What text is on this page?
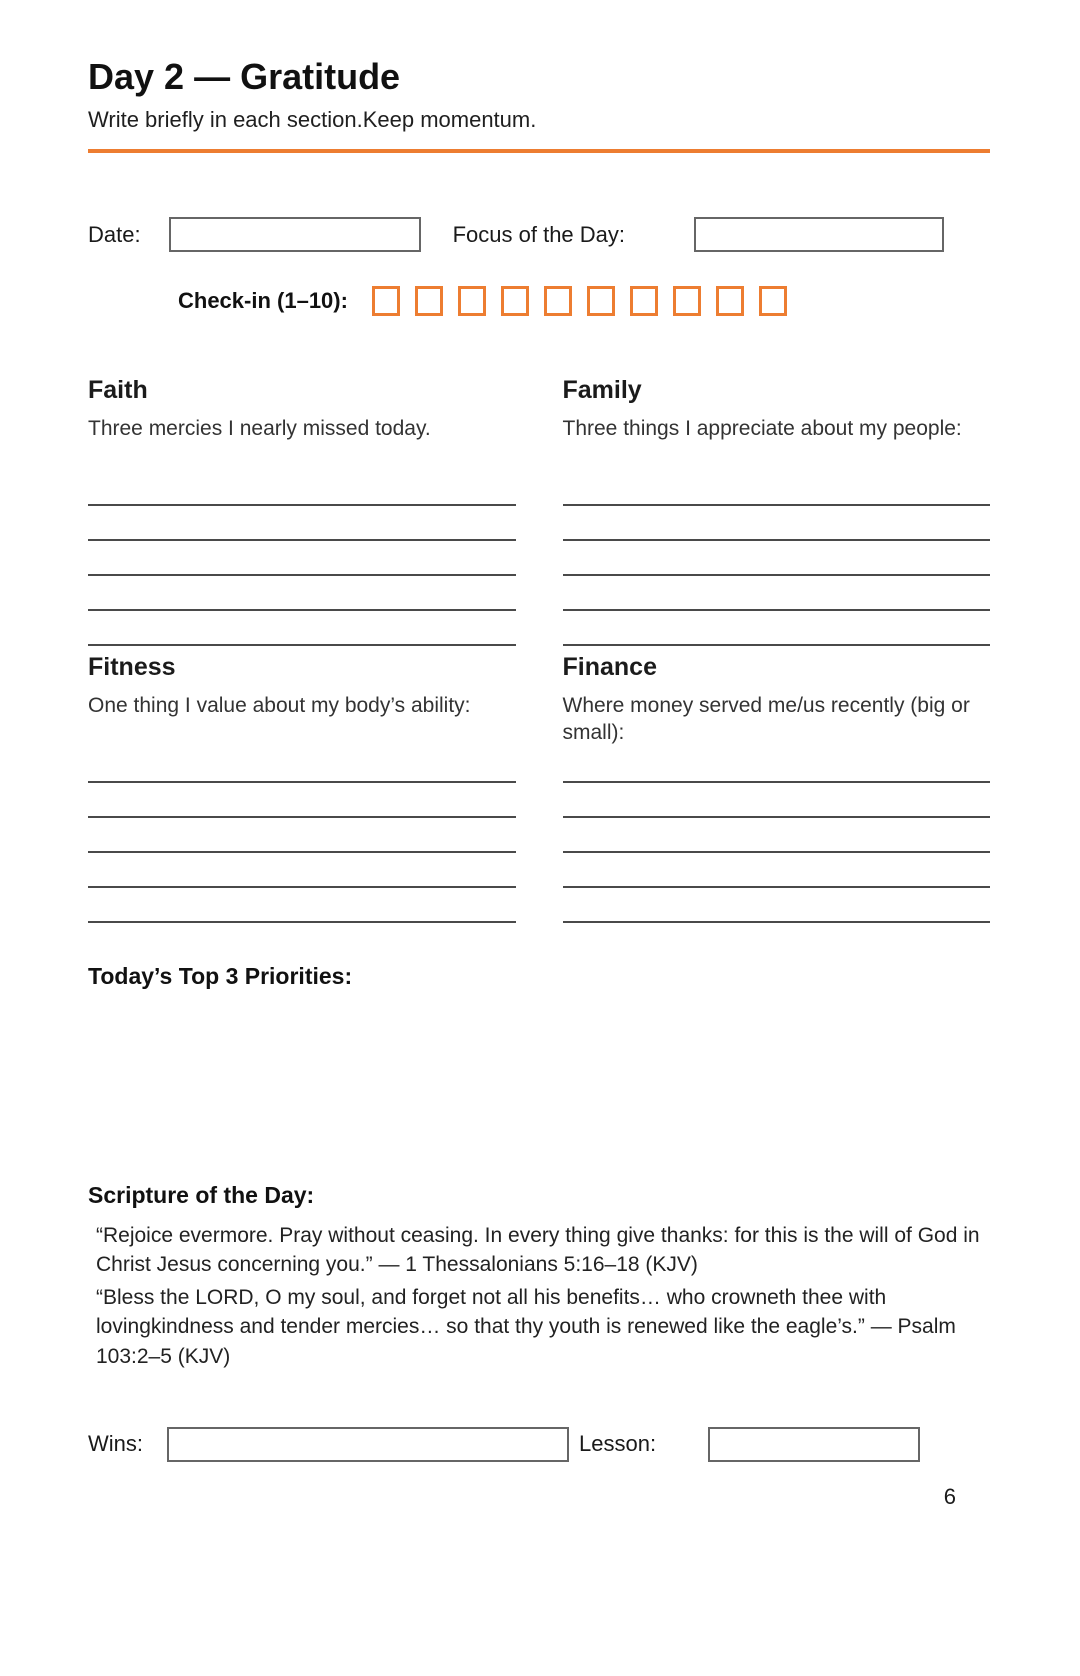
Day 2 — Gratitude

Write briefly in each section.Keep momentum.

Date:	Focus of the Day:
Check-in (1–10):
Faith

Three mercies I nearly missed today.

Family

Three things I appreciate about my people:

Fitness

One thing I value about my body’s ability:

Finance

Where money served me/us recently (big or small):

Today’s Top 3 Priorities:
Scripture of the Day:

“Rejoice evermore. Pray without ceasing. In every thing give thanks: for this is the will of God in Christ Jesus concerning you.” — 1 Thessalonians 5:16–18 (KJV)

“Bless the LORD, O my soul, and forget not all his benefits… who crowneth thee with lovingkindness and tender mercies… so that thy youth is renewed like the eagle’s.” — Psalm 103:2–5 (KJV)

Wins:	Lesson:
6
